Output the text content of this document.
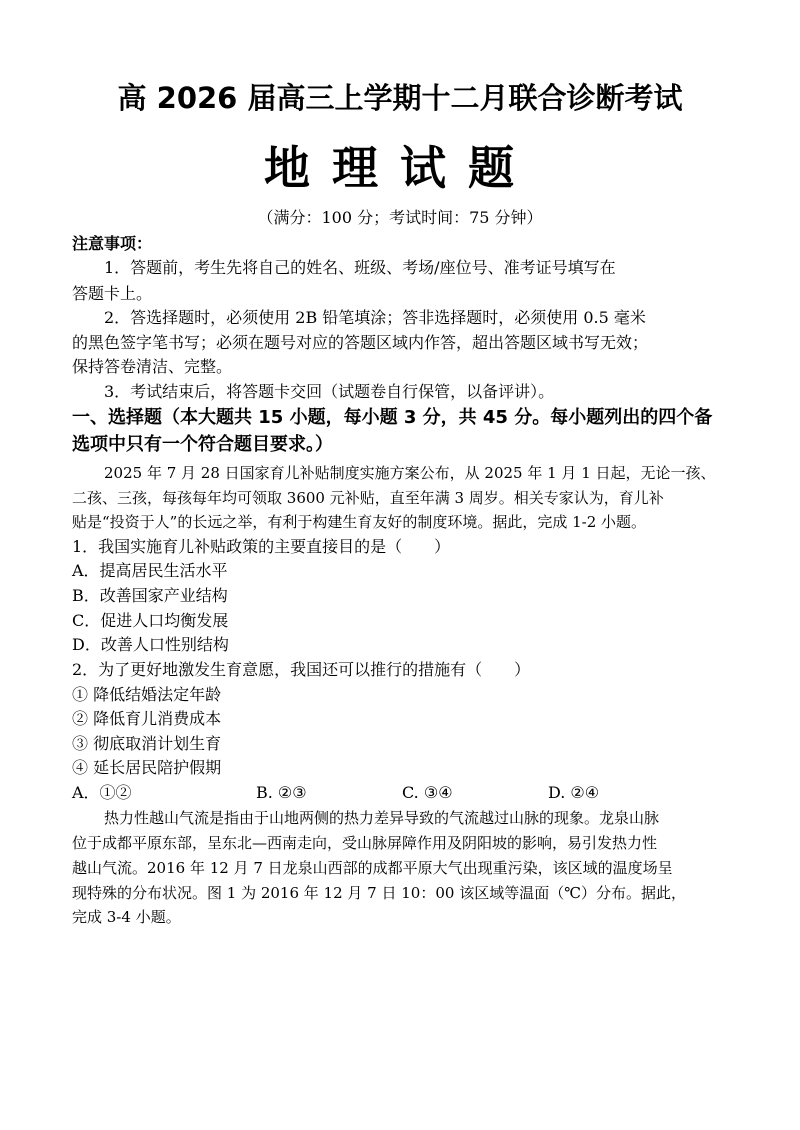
高 2026 届高三上学期十二月联合诊断考试
地理试题
（满分：100 分；考试时间：75 分钟）
注意事项：
1．答题前，考生先将自己的姓名、班级、考场/座位号、准考证号填写在
答题卡上。
2．答选择题时，必须使用 2B 铅笔填涂；答非选择题时，必须使用 0.5 毫米
的黑色签字笔书写；必须在题号对应的答题区域内作答，超出答题区域书写无效；
保持答卷清洁、完整。
3．考试结束后，将答题卡交回（试题卷自行保管，以备评讲）。
一、选择题（本大题共 15 小题，每小题 3 分，共 45 分。每小题列出的四个备
选项中只有一个符合题目要求。）
2025 年 7 月 28 日国家育儿补贴制度实施方案公布，从 2025 年 1 月 1 日起，无论一孩、
二孩、三孩，每孩每年均可领取 3600 元补贴，直至年满 3 周岁。相关专家认为，育儿补
贴是“投资于人”的长远之举，有利于构建生育友好的制度环境。据此，完成 1-2 小题。
1．我国实施育儿补贴政策的主要直接目的是（　　）
A．提高居民生活水平
B．改善国家产业结构
C．促进人口均衡发展
D．改善人口性别结构
2．为了更好地激发生育意愿，我国还可以推行的措施有（　　）
① 降低结婚法定年龄
② 降低育儿消费成本
③ 彻底取消计划生育
④ 延长居民陪护假期
A．①②	B. ②③	C. ③④	D. ②④
热力性越山气流是指由于山地两侧的热力差异导致的气流越过山脉的现象。龙泉山脉
位于成都平原东部，呈东北—西南走向，受山脉屏障作用及阴阳坡的影响，易引发热力性
越山气流。2016 年 12 月 7 日龙泉山西部的成都平原大气出现重污染，该区域的温度场呈
现特殊的分布状况。图 1 为 2016 年 12 月 7 日 10：00 该区域等温面（℃）分布。据此，
完成 3-4 小题。
